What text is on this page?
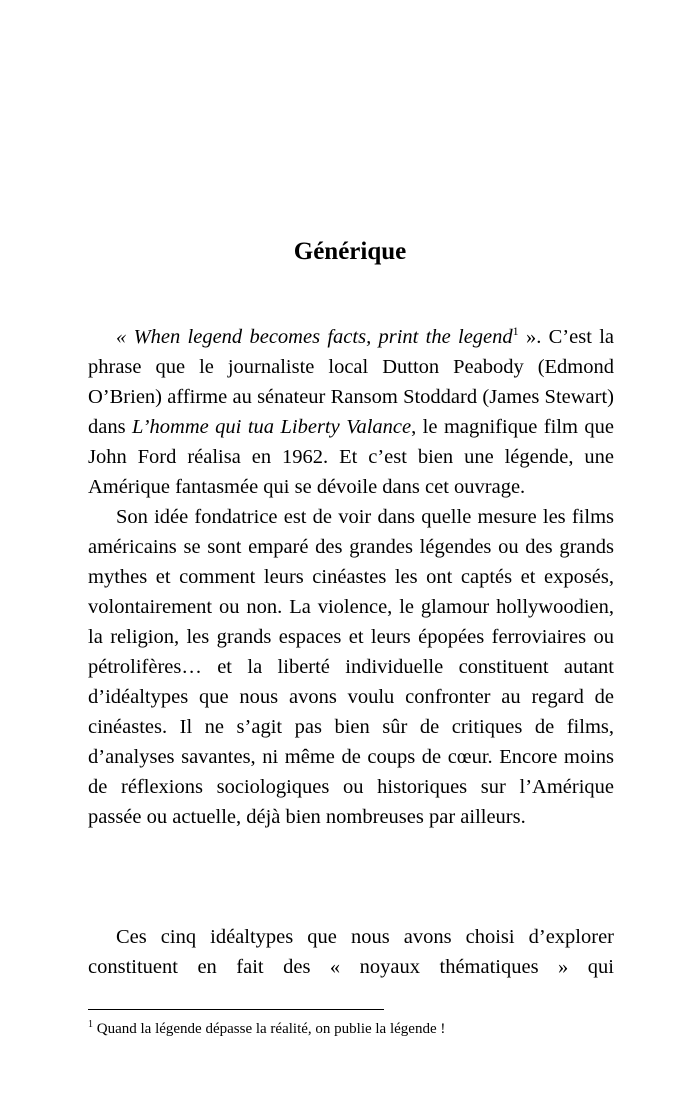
Générique

« When legend becomes facts, print the legend$^1$ ». C’est la phrase que le journaliste local Dutton Peabody (Edmond O’Brien) affirme au sénateur Ransom Stoddard (James Stewart) dans L’homme qui tua Liberty Valance, le magnifique film que John Ford réalisa en 1962. Et c’est bien une légende, une Amérique fantasmée qui se dévoile dans cet ouvrage.

Son idée fondatrice est de voir dans quelle mesure les films américains se sont emparé des grandes légendes ou des grands mythes et comment leurs cinéastes les ont captés et exposés, volontairement ou non. La violence, le glamour hollywoodien, la religion, les grands espaces et leurs épopées ferroviaires ou pétrolifères… et la liberté individuelle constituent autant d’idéaltypes que nous avons voulu confronter au regard de cinéastes. Il ne s’agit pas bien sûr de critiques de films, d’analyses savantes, ni même de coups de cœur. Encore moins de réflexions sociologiques ou historiques sur l’Amérique passée ou actuelle, déjà bien nombreuses par ailleurs.

Ces cinq idéaltypes que nous avons choisi d’explorer constituent en fait des « noyaux thématiques » qui

$^1$ Quand la légende dépasse la réalité, on publie la légende !
